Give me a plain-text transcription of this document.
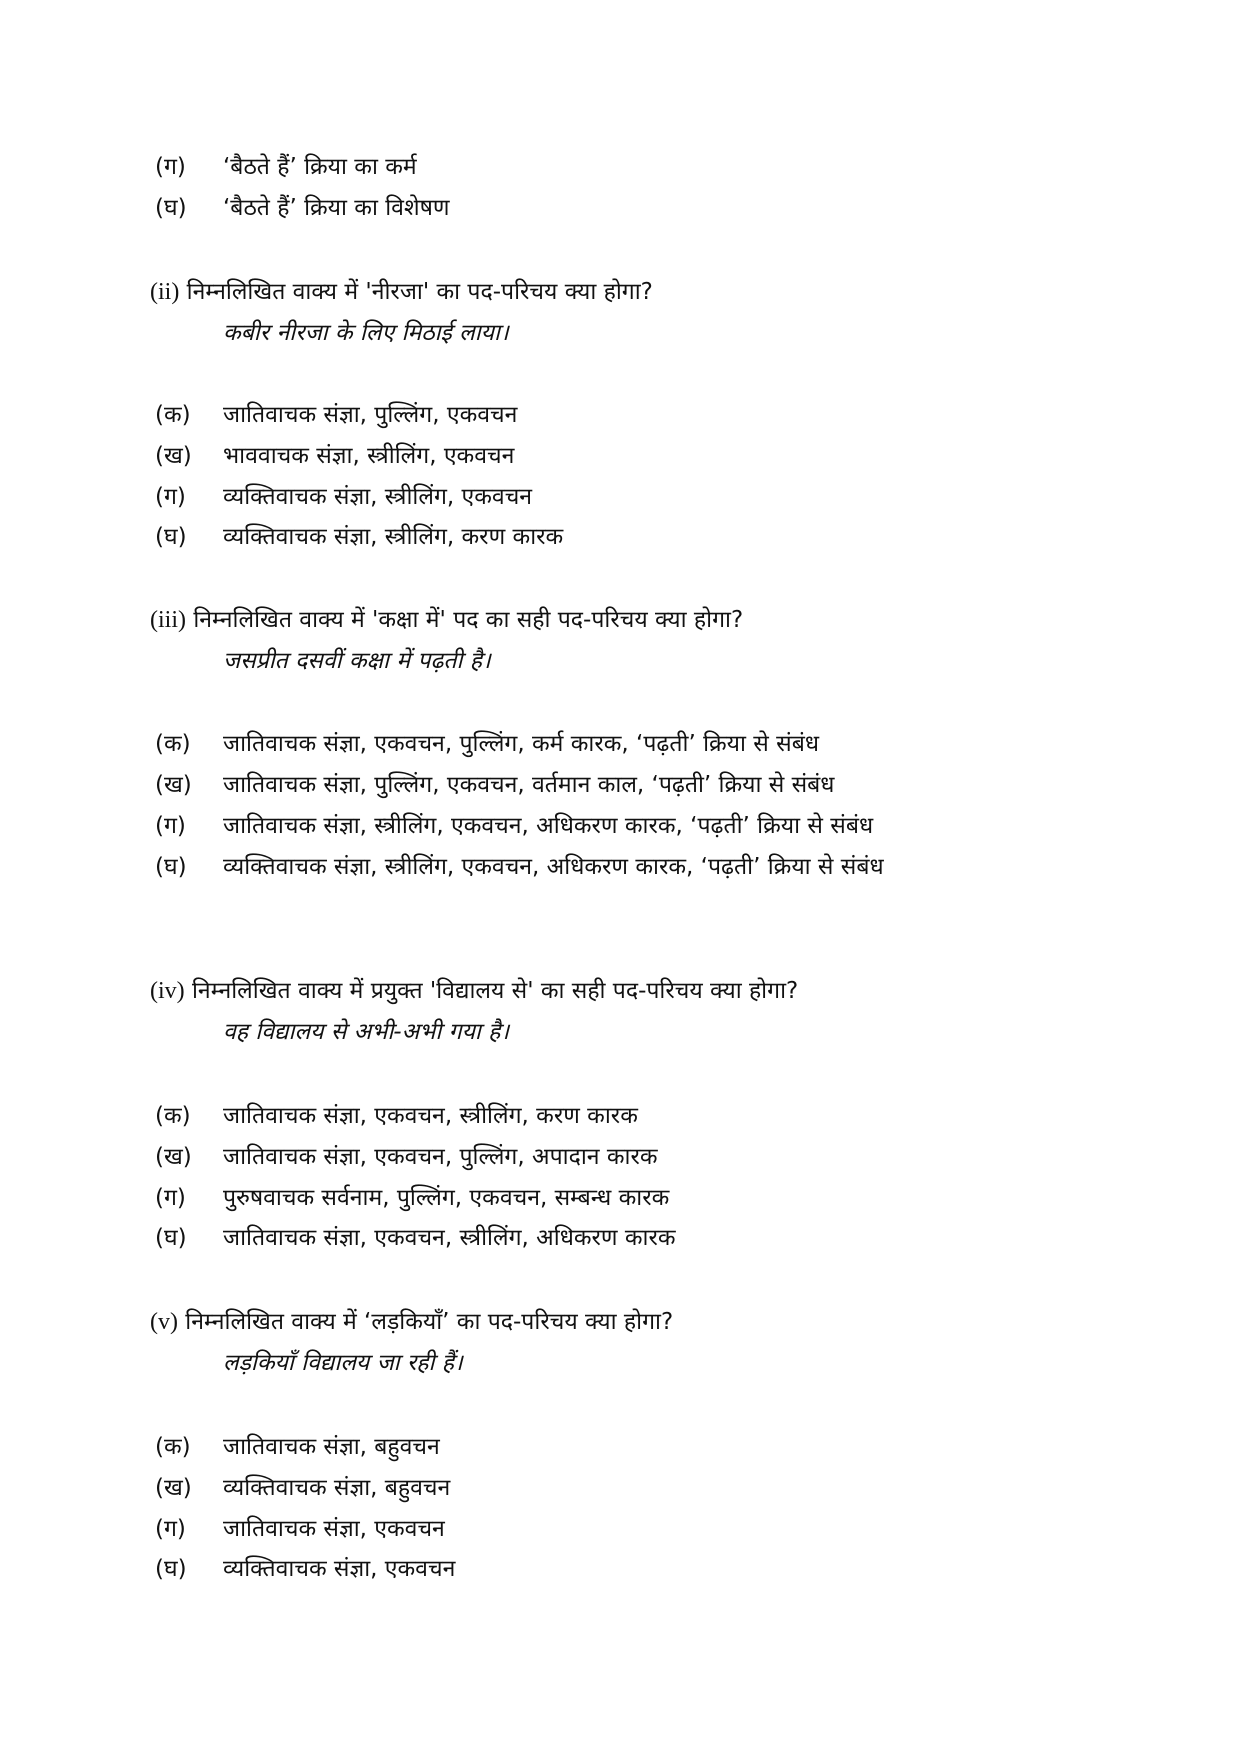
(ग) ‘बैठते हैं’ क्रिया का कर्म
(घ) ‘बैठते हैं’ क्रिया का विशेषण
(ii) निम्नलिखित वाक्य में 'नीरजा' का पद-परिचय क्या होगा?
कबीर नीरजा के लिए मिठाई लाया।
(क) जातिवाचक संज्ञा, पुल्लिंग, एकवचन
(ख) भाववाचक संज्ञा, स्त्रीलिंग, एकवचन
(ग) व्यक्तिवाचक संज्ञा, स्त्रीलिंग, एकवचन
(घ) व्यक्तिवाचक संज्ञा, स्त्रीलिंग, करण कारक
(iii) निम्नलिखित वाक्य में 'कक्षा में' पद का सही पद-परिचय क्या होगा?
जसप्रीत दसवीं कक्षा में पढ़ती है।
(क) जातिवाचक संज्ञा, एकवचन, पुल्लिंग, कर्म कारक, ‘पढ़ती’ क्रिया से संबंध
(ख) जातिवाचक संज्ञा, पुल्लिंग, एकवचन, वर्तमान काल, ‘पढ़ती’ क्रिया से संबंध
(ग) जातिवाचक संज्ञा, स्त्रीलिंग, एकवचन, अधिकरण कारक, ‘पढ़ती’ क्रिया से संबंध
(घ) व्यक्तिवाचक संज्ञा, स्त्रीलिंग, एकवचन, अधिकरण कारक, ‘पढ़ती’ क्रिया से संबंध
(iv) निम्नलिखित वाक्य में प्रयुक्त 'विद्यालय से' का सही पद-परिचय क्या होगा?
वह विद्यालय से अभी-अभी गया है।
(क) जातिवाचक संज्ञा, एकवचन, स्त्रीलिंग, करण कारक
(ख) जातिवाचक संज्ञा, एकवचन, पुल्लिंग, अपादान कारक
(ग) पुरुषवाचक सर्वनाम, पुल्लिंग, एकवचन, सम्बन्ध कारक
(घ) जातिवाचक संज्ञा, एकवचन, स्त्रीलिंग, अधिकरण कारक
(v) निम्नलिखित वाक्य में ‘लड़कियाँ’ का पद-परिचय क्या होगा?
लड़कियाँ विद्यालय जा रही हैं।
(क) जातिवाचक संज्ञा, बहुवचन
(ख) व्यक्तिवाचक संज्ञा, बहुवचन
(ग) जातिवाचक संज्ञा, एकवचन
(घ) व्यक्तिवाचक संज्ञा, एकवचन
